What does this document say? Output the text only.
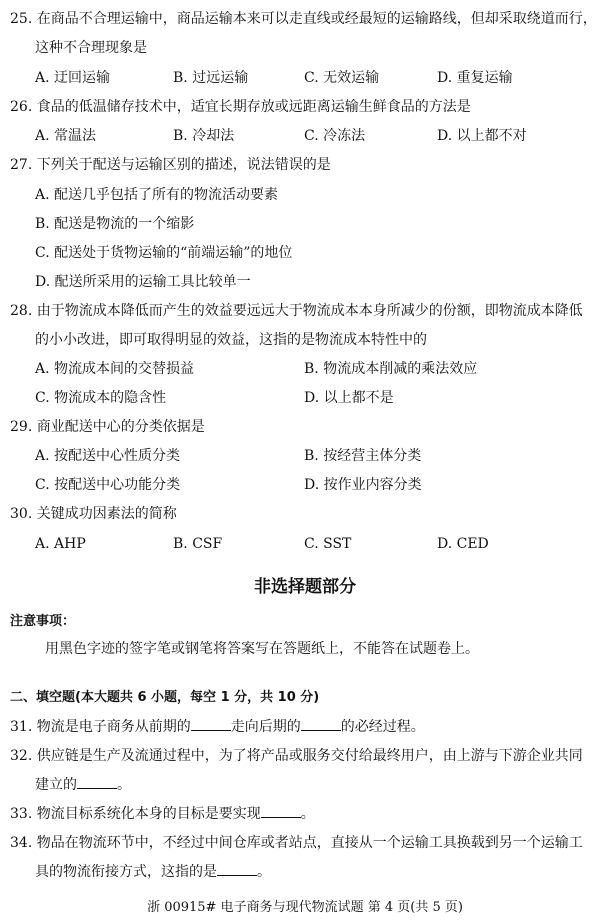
25. 在商品不合理运输中，商品运输本来可以走直线或经最短的运输路线，但却采取绕道而行，
这种不合理现象是
A. 迂回运输	B. 过远运输	C. 无效运输	D. 重复运输
26. 食品的低温储存技术中，适宜长期存放或远距离运输生鲜食品的方法是
A. 常温法	B. 冷却法	C. 冷冻法	D. 以上都不对
27. 下列关于配送与运输区别的描述，说法错误的是
A. 配送几乎包括了所有的物流活动要素
B. 配送是物流的一个缩影
C. 配送处于货物运输的“前端运输”的地位
D. 配送所采用的运输工具比较单一
28. 由于物流成本降低而产生的效益要远远大于物流成本本身所减少的份额，即物流成本降低
的小小改进，即可取得明显的效益，这指的是物流成本特性中的
A. 物流成本间的交替损益	B. 物流成本削减的乘法效应
C. 物流成本的隐含性	D. 以上都不是
29. 商业配送中心的分类依据是
A. 按配送中心性质分类	B. 按经营主体分类
C. 按配送中心功能分类	D. 按作业内容分类
30. 关键成功因素法的简称
A. AHP	B. CSF	C. SST	D. CED
非选择题部分
注意事项：
用黑色字迹的签字笔或钢笔将答案写在答题纸上，不能答在试题卷上。
二、填空题(本大题共 6 小题，每空 1 分，共 10 分)
31. 物流是电子商务从前期的	走向后期的	的必经过程。
32. 供应链是生产及流通过程中，为了将产品或服务交付给最终用户，由上游与下游企业共同
建立的	。
33. 物流目标系统化本身的目标是要实现	。
34. 物品在物流环节中，不经过中间仓库或者站点，直接从一个运输工具换载到另一个运输工
具的物流衔接方式，这指的是	。
浙 00915# 电子商务与现代物流试题 第 4 页(共 5 页)
